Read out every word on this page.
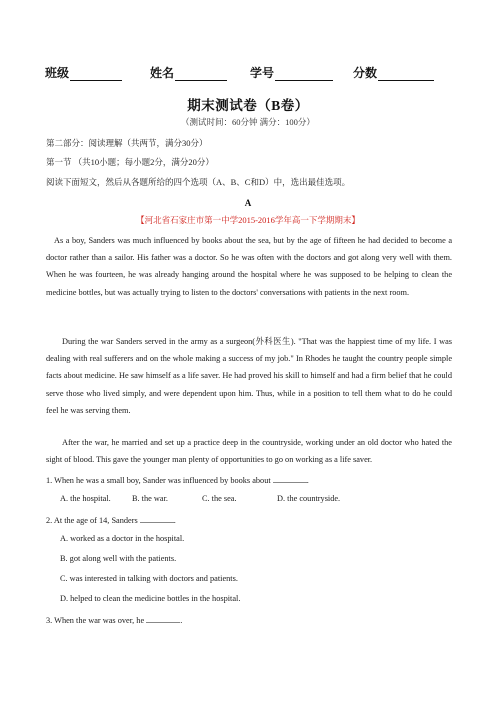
班级	姓名	学号	分数
期末测试卷（B卷）
（测试时间：60分钟 满分：100分）
第二部分：阅读理解（共两节，满分30分）
第一节 （共10小题；每小题2分，满分20分）
阅读下面短文，然后从各题所给的四个选项（A、B、C和D）中，选出最佳选项。
A
【河北省石家庄市第一中学2015-2016学年高一下学期期末】
As a boy, Sanders was much influenced by books about the sea, but by the age of fifteen he had decided to become a doctor rather than a sailor. His father was a doctor. So he was often with the doctors and got along very well with them. When he was fourteen, he was already hanging around the hospital where he was supposed to be helping to clean the medicine bottles, but was actually trying to listen to the doctors' conversations with patients in the next room.
During the war Sanders served in the army as a surgeon(外科医生). "That was the happiest time of my life. I was dealing with real sufferers and on the whole making a success of my job." In Rhodes he taught the country people simple facts about medicine. He saw himself as a life saver. He had proved his skill to himself and had a firm belief that he could serve those who lived simply, and were dependent upon him. Thus, while in a position to tell them what to do he could feel he was serving them.
After the war, he married and set up a practice deep in the countryside, working under an old doctor who hated the sight of blood. This gave the younger man plenty of opportunities to go on working as a life saver.
1. When he was a small boy, Sander was influenced by books about	.
A. the hospital.	B. the war.	C. the sea.	D. the countryside.
2. At the age of 14, Sanders	.
A. worked as a doctor in the hospital.
B. got along well with the patients.
C. was interested in talking with doctors and patients.
D. helped to clean the medicine bottles in the hospital.
3. When the war was over, he	.
